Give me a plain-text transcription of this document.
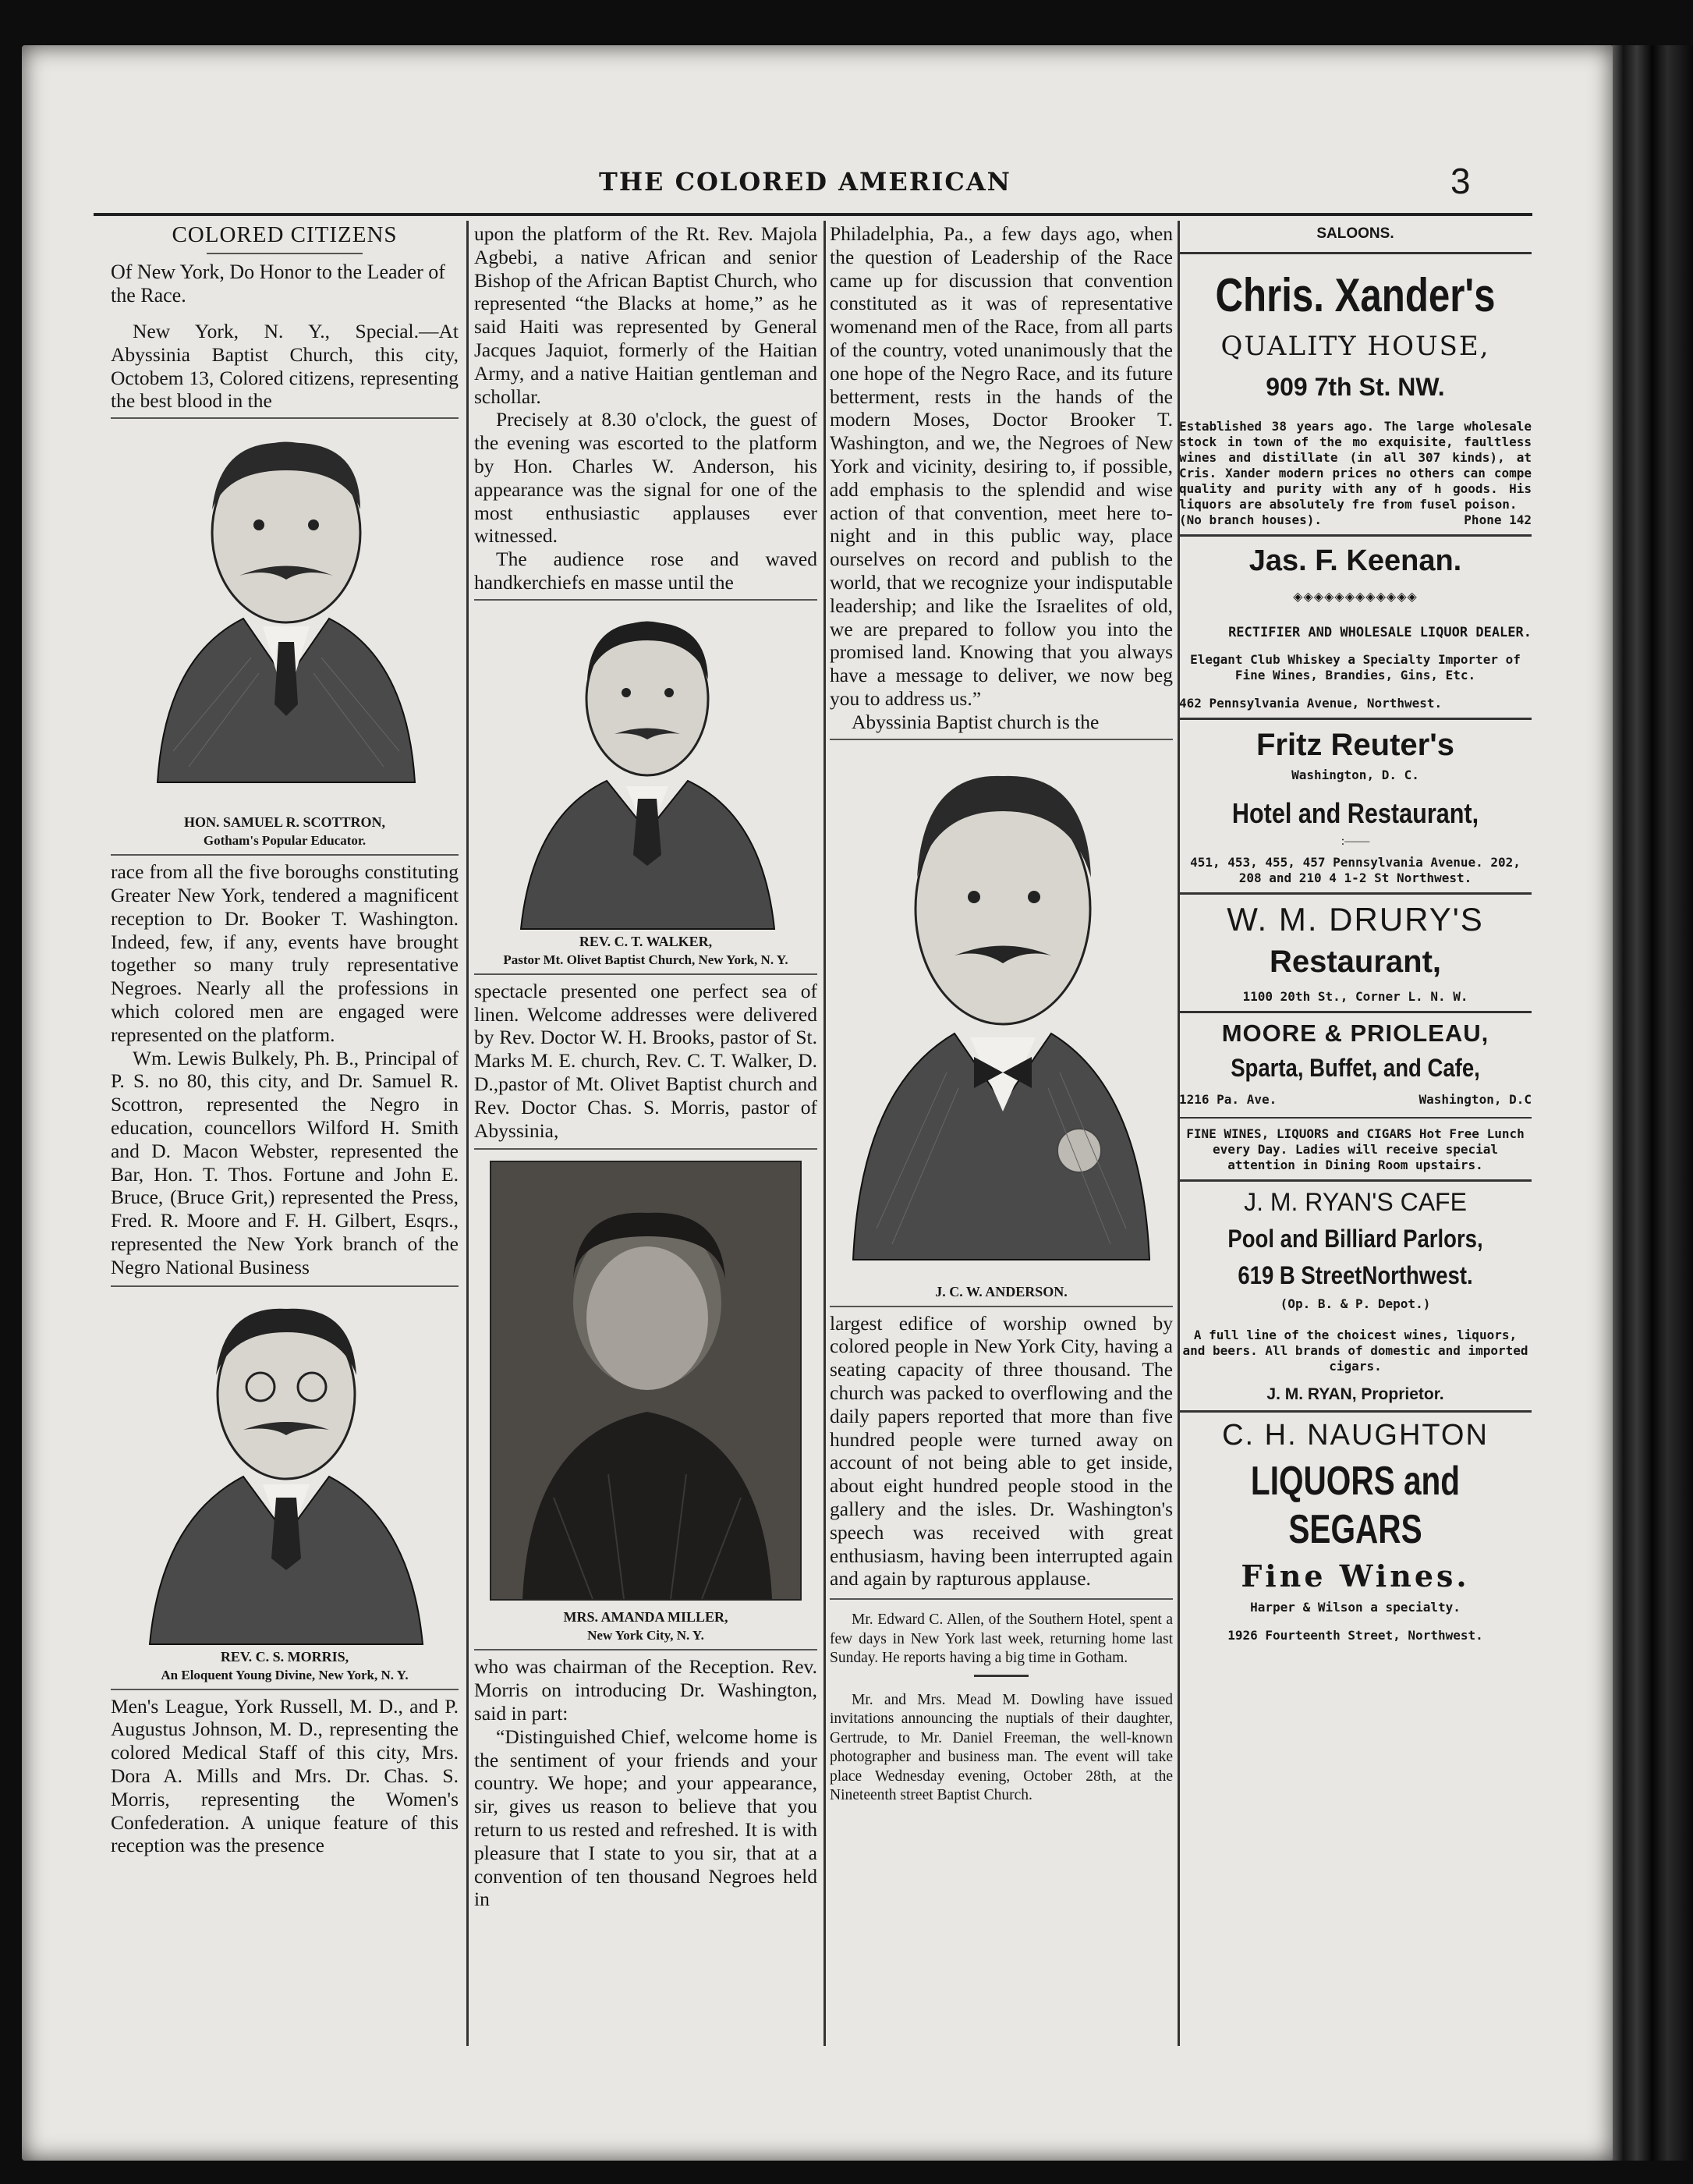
THE COLORED AMERICAN	3
COLORED CITIZENS
Of New York, Do Honor to the Leader of the Race.

New York, N. Y., Special.—At Abyssinia Baptist Church, this city, Octobem 13, Colored citizens, representing the best blood in the

HON. SAMUEL R. SCOTTRON,
Gotham's Popular Educator.

race from all the five boroughs constituting Greater New York, tendered a magnificent reception to Dr. Booker T. Washington. Indeed, few, if any, events have brought together so many truly representative Negroes. Nearly all the professions in which colored men are engaged were represented on the platform.

Wm. Lewis Bulkely, Ph. B., Principal of P. S. no 80, this city, and Dr. Samuel R. Scottron, represented the Negro in education, councellors Wilford H. Smith and D. Macon Webster, represented the Bar, Hon. T. Thos. Fortune and John E. Bruce, (Bruce Grit,) represented the Press, Fred. R. Moore and F. H. Gilbert, Esqrs., represented the New York branch of the Negro National Business

REV. C. S. MORRIS,
An Eloquent Young Divine, New York, N. Y.

Men's League, York Russell, M. D., and P. Augustus Johnson, M. D., representing the colored Medical Staff of this city, Mrs. Dora A. Mills and Mrs. Dr. Chas. S. Morris, representing the Women's Confederation. A unique feature of this reception was the presence

upon the platform of the Rt. Rev. Majola Agbebi, a native African and senior Bishop of the African Baptist Church, who represented “the Blacks at home,” as he said Haiti was represented by General Jacques Jaquiot, formerly of the Haitian Army, and a native Haitian gentleman and schollar.

Precisely at 8.30 o'clock, the guest of the evening was escorted to the platform by Hon. Charles W. Anderson, his appearance was the signal for one of the most enthusiastic applauses ever witnessed.

The audience rose and waved handkerchiefs en masse until the

REV. C. T. WALKER,
Pastor Mt. Olivet Baptist Church, New York, N. Y.

spectacle presented one perfect sea of linen. Welcome addresses were delivered by Rev. Doctor W. H. Brooks, pastor of St. Marks M. E. church, Rev. C. T. Walker, D. D.,pastor of Mt. Olivet Baptist church and Rev. Doctor Chas. S. Morris, pastor of Abyssinia,

MRS. AMANDA MILLER,
New York City, N. Y.

who was chairman of the Reception. Rev. Morris on introducing Dr. Washington, said in part:

“Distinguished Chief, welcome home is the sentiment of your friends and your country. We hope; and your appearance, sir, gives us reason to believe that you return to us rested and refreshed. It is with pleasure that I state to you sir, that at a convention of ten thousand Negroes held in

Philadelphia, Pa., a few days ago, when the question of Leadership of the Race came up for discussion that convention constituted as it was of representative womenand men of the Race, from all parts of the country, voted unanimously that the one hope of the Negro Race, and its future betterment, rests in the hands of the modern Moses, Doctor Brooker T. Washington, and we, the Negroes of New York and vicinity, desiring to, if possible, add emphasis to the splendid and wise action of that convention, meet here to-night and in this public way, place ourselves on record and publish to the world, that we recognize your indisputable leadership; and like the Israelites of old, we are prepared to follow you into the promised land. Knowing that you always have a message to deliver, we now beg you to address us.”

Abyssinia Baptist church is the

J. C. W. ANDERSON.

largest edifice of worship owned by colored people in New York City, having a seating capacity of three thousand. The church was packed to overflowing and the daily papers reported that more than five hundred people were turned away on account of not being able to get inside, about eight hundred people stood in the gallery and the isles. Dr. Washington's speech was received with great enthusiasm, having been interrupted again and again by rapturous applause.

Mr. Edward C. Allen, of the Southern Hotel, spent a few days in New York last week, returning home last Sunday. He reports having a big time in Gotham.

Mr. and Mrs. Mead M. Dowling have issued invitations announcing the nuptials of their daughter, Gertrude, to Mr. Daniel Freeman, the well-known photographer and business man. The event will take place Wednesday evening, October 28th, at the Nineteenth street Baptist Church.

SALOONS.
Chris. Xander's
QUALITY HOUSE,
909 7th St. NW.
Established 38 years ago. The large wholesale stock in town of the mo exquisite, faultless wines and distillate (in all 307 kinds), at Cris. Xander modern prices no others can compe quality and purity with any of h goods. His liquors are absolutely fre from fusel poison.
(No branch houses).	Phone 142
Jas. F. Keenan.
◈◈◈◈◈◈◈◈◈◈◈◈
RECTIFIER AND WHOLESALE LIQUOR DEALER.
Elegant Club Whiskey a Specialty Importer of Fine Wines, Brandies, Gins, Etc.
462 Pennsylvania Avenue, Northwest.
Fritz Reuter's
Washington, D. C.
Hotel and Restaurant,
:——
451, 453, 455, 457 Pennsylvania Avenue. 202, 208 and 210 4 1-2 St Northwest.
W. M. DRURY'S
Restaurant,
1100 20th St., Corner L. N. W.
MOORE & PRIOLEAU,
Sparta, Buffet, and Cafe,
1216 Pa. Ave.	Washington, D.C
FINE WINES, LIQUORS and CIGARS Hot Free Lunch every Day. Ladies will receive special attention in Dining Room upstairs.
J. M. RYAN'S CAFE
Pool and Billiard Parlors,
619 B StreetNorthwest.
(Op. B. & P. Depot.)
A full line of the choicest wines, liquors, and beers. All brands of domestic and imported cigars.
J. M. RYAN, Proprietor.
C. H. NAUGHTON
LIQUORS and
SEGARS
Fine Wines.
Harper & Wilson a specialty.
1926 Fourteenth Street, Northwest.
